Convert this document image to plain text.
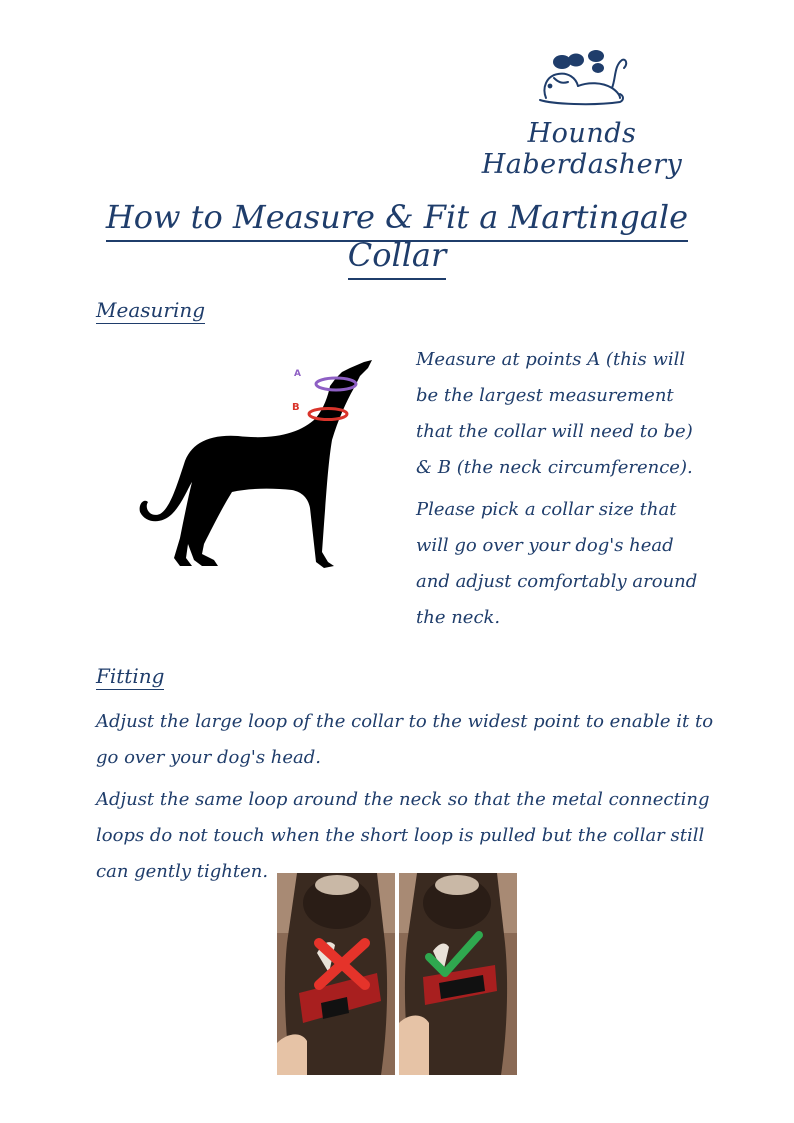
Hounds Haberdashery
How to Measure & Fit a Martingale Collar
Measuring
A
B

Measure at points A (this will be the largest measurement that the collar will need to be) & B (the neck circumference).

Please pick a collar size that will go over your dog's head and adjust comfortably around the neck.

Fitting

Adjust the large loop of the collar to the widest point to enable it to go over your dog's head.

Adjust the same loop around the neck so that the metal connecting loops do not touch when the short loop is pulled but the collar still can gently tighten.
